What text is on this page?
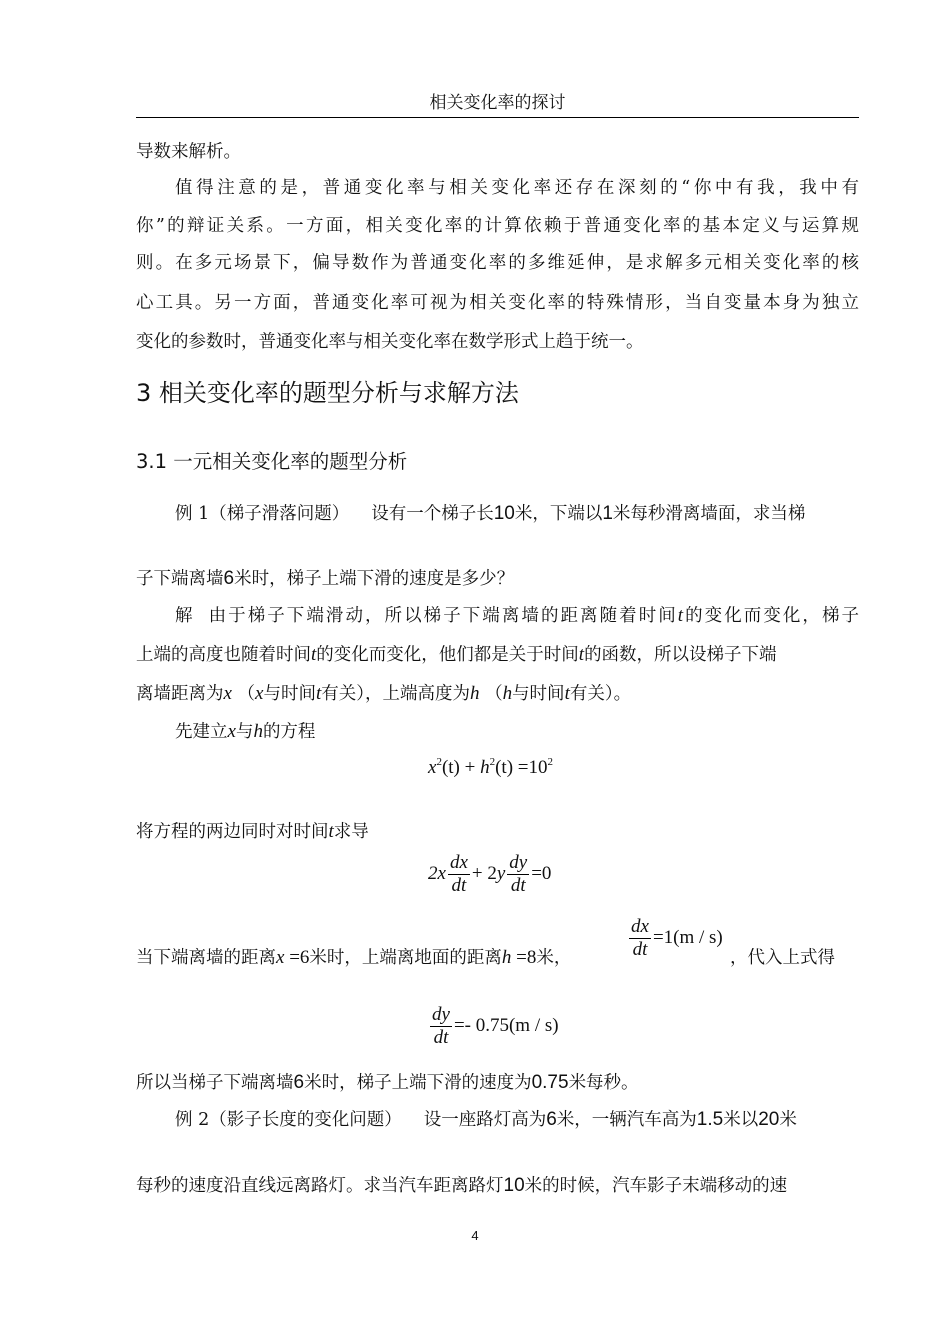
相关变化率的探讨
导数来解析。
值得注意的是，普通变化率与相关变化率还存在深刻的“你中有我，我中有
你”的辩证关系。一方面，相关变化率的计算依赖于普通变化率的基本定义与运算规
则。在多元场景下，偏导数作为普通变化率的多维延伸，是求解多元相关变化率的核
心工具。另一方面，普通变化率可视为相关变化率的特殊情形，当自变量本身为独立
变化的参数时，普通变化率与相关变化率在数学形式上趋于统一。
3 相关变化率的题型分析与求解方法
3.1 一元相关变化率的题型分析
例 1（梯子滑落问题） 设有一个梯子长10米，下端以1米每秒滑离墙面，求当梯
子下端离墙6米时，梯子上端下滑的速度是多少？
解 由于梯子下端滑动，所以梯子下端离墙的距离随着时间t的变化而变化，梯子
上端的高度也随着时间t的变化而变化，他们都是关于时间t的函数，所以设梯子下端
离墙距离为x （x与时间t有关），上端高度为h （h与时间t有关）。
先建立x与h的方程
$x^2(t) + h^2(t) =10^2$
将方程的两边同时对时间t求导
$2x \frac{dx}{dt} + 2y \frac{dy}{dt} =0$
当下端离墙的距离x =6米时，上端离地面的距离h =8米，	$\frac{dx}{dt} =1(m / s)$
，代入上式得
$\frac{dy}{dt} =- 0.75(m / s)$
所以当梯子下端离墙6米时，梯子上端下滑的速度为0.75米每秒。
例 2（影子长度的变化问题） 设一座路灯高为6米，一辆汽车高为1.5米以20米
每秒的速度沿直线远离路灯。求当汽车距离路灯10米的时候，汽车影子末端移动的速
4
